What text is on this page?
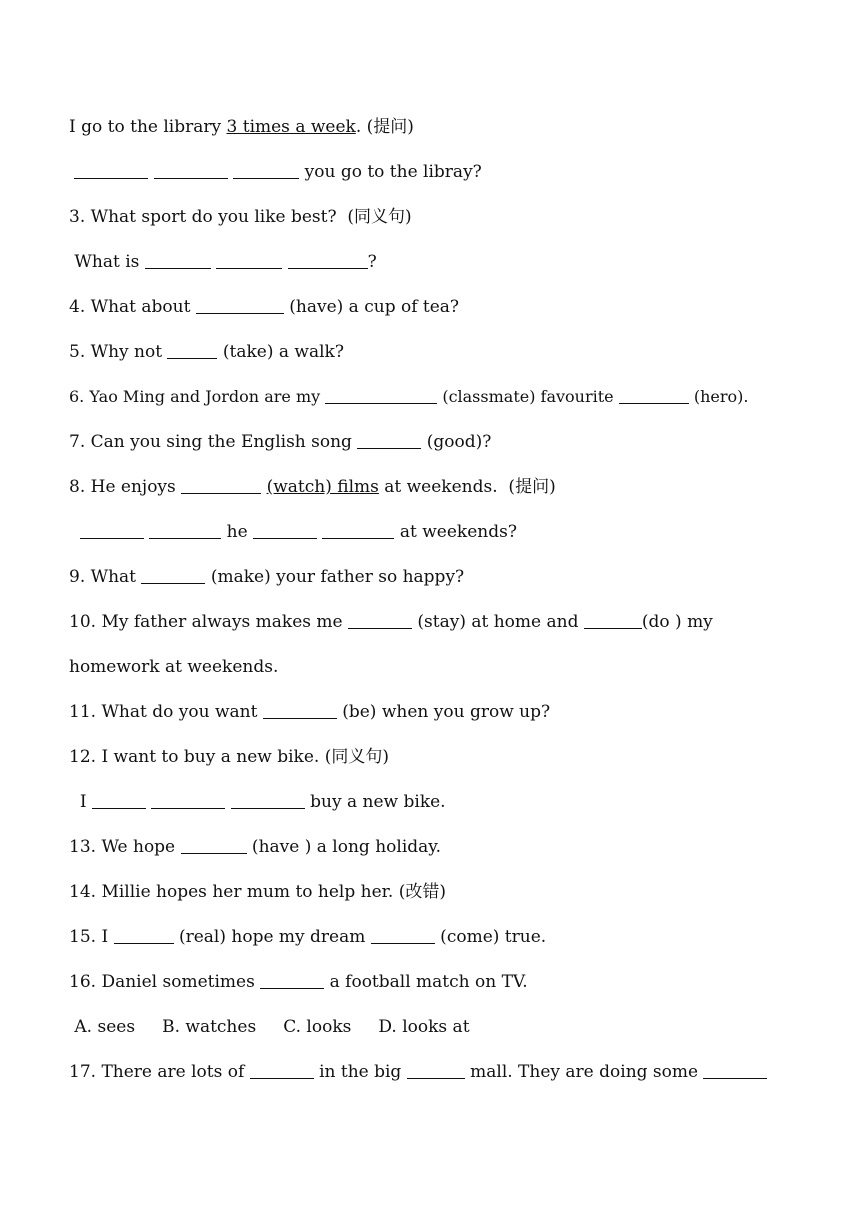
I go to the library 3 times a week. (提问)
you go to the libray?
3. What sport do you like best?  (同义句)
What is	?
4. What about	(have) a cup of tea?
5. Why not	(take) a walk?
6. Yao Ming and Jordon are my	(classmate) favourite	(hero).
7. Can you sing the English song	(good)?
8. He enjoys	(watch) films at weekends.  (提问)
he	at weekends?
9. What	(make) your father so happy?
10. My father always makes me	(stay) at home and	(do ) my
homework at weekends.
11. What do you want	(be) when you grow up?
12. I want to buy a new bike. (同义句)
I	buy a new bike.
13. We hope	(have ) a long holiday.
14. Millie hopes her mum to help her. (改错)
15. I	(real) hope my dream	(come) true.
16. Daniel sometimes	a football match on TV.
A. sees B. watches C. looks D. looks at
17. There are lots of	in the big	mall. They are doing some
